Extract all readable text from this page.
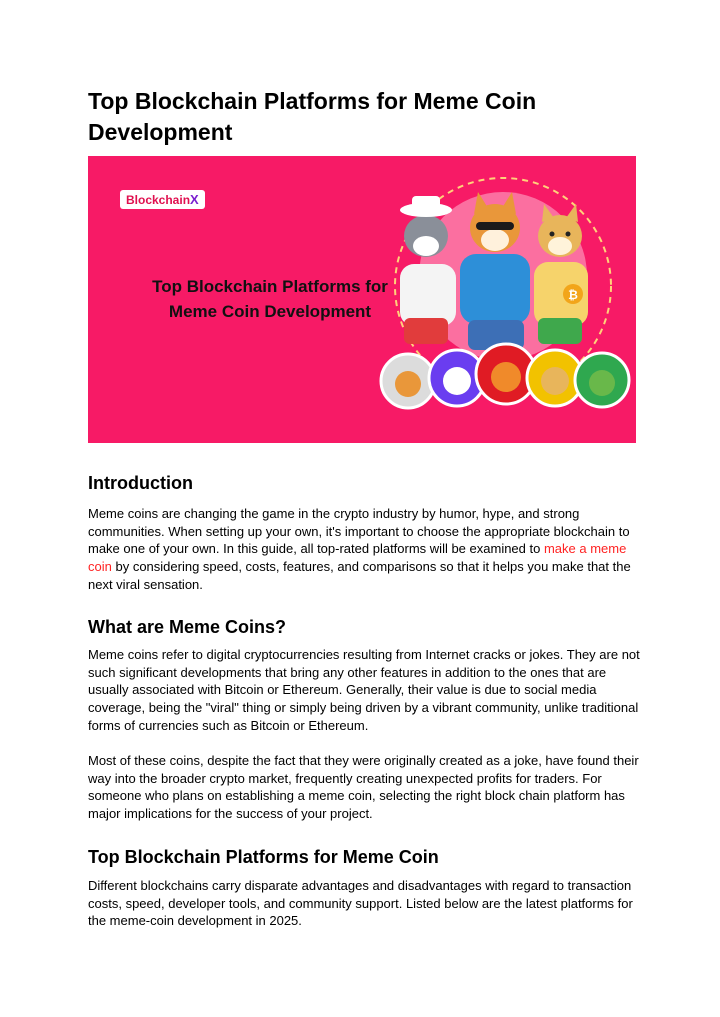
Top Blockchain Platforms for Meme Coin Development
BlockchainX
Top Blockchain Platforms for
Meme Coin Development
₿
Introduction

Meme coins are changing the game in the crypto industry by humor, hype, and strong communities. When setting up your own, it's important to choose the appropriate blockchain to make one of your own. In this guide, all top-rated platforms will be examined to make a meme coin by considering speed, costs, features, and comparisons so that it helps you make that the next viral sensation.

What are Meme Coins?

Meme coins refer to digital cryptocurrencies resulting from Internet cracks or jokes. They are not such significant developments that bring any other features in addition to the ones that are usually associated with Bitcoin or Ethereum. Generally, their value is due to social media coverage, being the "viral" thing or simply being driven by a vibrant community, unlike traditional forms of currencies such as Bitcoin or Ethereum.

Most of these coins, despite the fact that they were originally created as a joke, have found their way into the broader crypto market, frequently creating unexpected profits for traders. For someone who plans on establishing a meme coin, selecting the right block chain platform has major implications for the success of your project.

Top Blockchain Platforms for Meme Coin

Different blockchains carry disparate advantages and disadvantages with regard to transaction costs, speed, developer tools, and community support. Listed below are the latest platforms for the meme-coin development in 2025.
